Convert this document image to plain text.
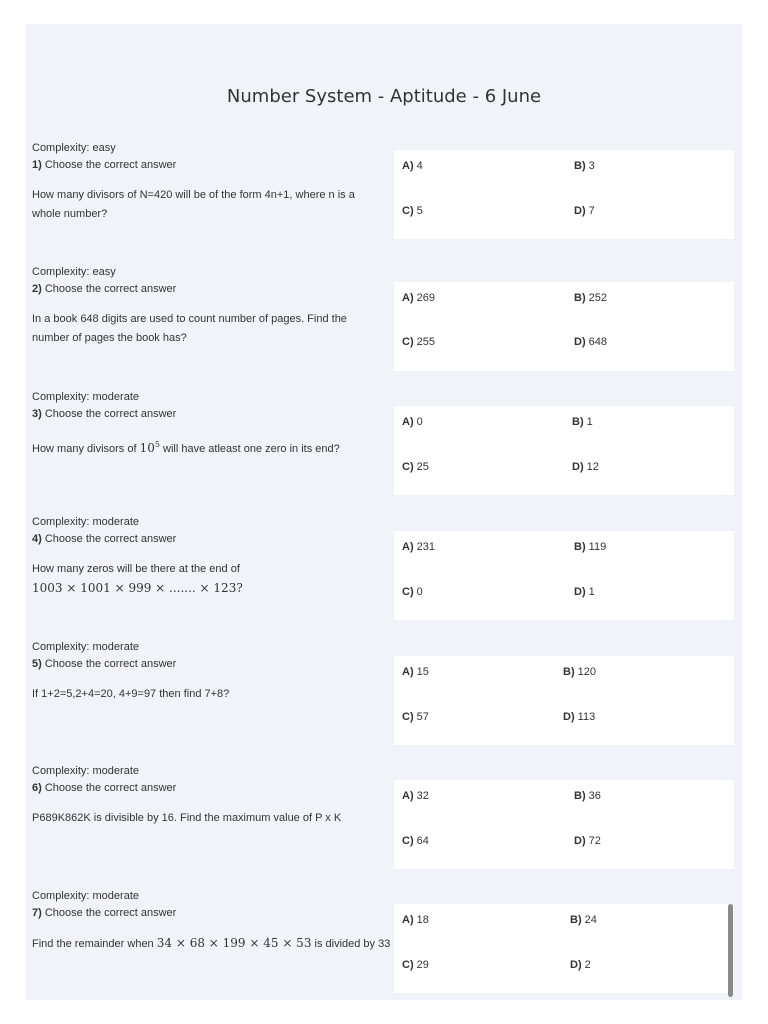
Number System - Aptitude - 6 June
Complexity: easy
1) Choose the correct answer
How many divisors of N=420 will be of the form 4n+1, where n is a
whole number?
A) 4	B) 3
C) 5	D) 7
Complexity: easy
2) Choose the correct answer
In a book 648 digits are used to count number of pages. Find the
number of pages the book has?
A) 269	B) 252
C) 255	D) 648
Complexity: moderate
3) Choose the correct answer
How many divisors of $10^5$ will have atleast one zero in its end?
A) 0	B) 1
C) 25	D) 12
Complexity: moderate
4) Choose the correct answer
How many zeros will be there at the end of
1003 × 1001 × 999 × ....... × 123?
A) 231	B) 119
C) 0	D) 1
Complexity: moderate
5) Choose the correct answer
If 1+2=5,2+4=20, 4+9=97 then find 7+8?
A) 15	B) 120
C) 57	D) 113
Complexity: moderate
6) Choose the correct answer
P689K862K is divisible by 16. Find the maximum value of P x K
A) 32	B) 36
C) 64	D) 72
Complexity: moderate
7) Choose the correct answer
Find the remainder when 34 × 68 × 199 × 45 × 53 is divided by 33
A) 18	B) 24
C) 29	D) 2
